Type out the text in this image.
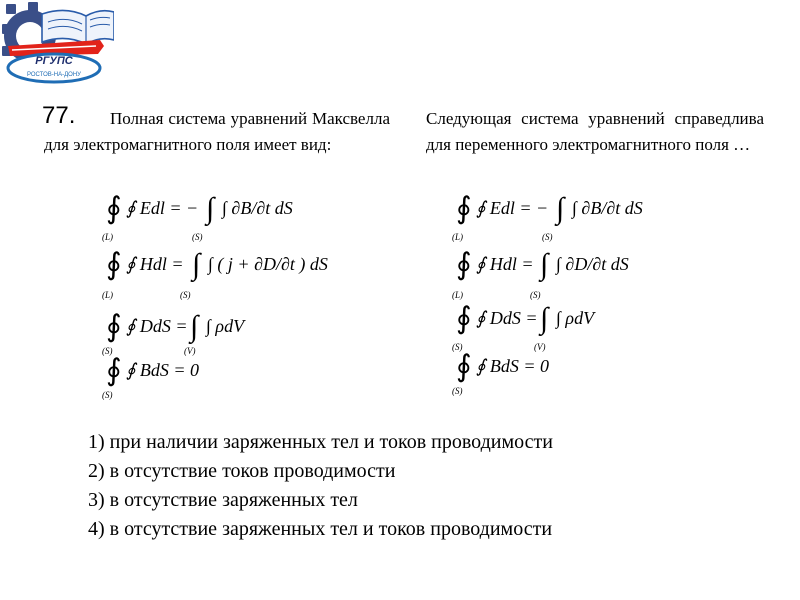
РГУПС
РОСТОВ-НА-ДОНУ
77.	Полная система уравнений Максвелла для электромагнитного поля имеет вид:
Следующая система уравнений справедлива для переменного электромагнитного поля …
∮ ∮ Edl = − ∫ ∫ ∂B/∂t dS
(L)	(S)
∮ ∮ Hdl = ∫ ∫ ( j + ∂D/∂t ) dS
(L)	(S)
∮ ∮ DdS = ∫ ∫ ρdV
(S)	(V)
∮ ∮ BdS = 0
(S)
∮ ∮ Edl = − ∫ ∫ ∂B/∂t dS
(L)	(S)
∮ ∮ Hdl = ∫ ∫ ∂D/∂t dS
(L)	(S)
∮ ∮ DdS = ∫ ∫ ρdV
(S)	(V)
∮ ∮ BdS = 0
(S)
1) при наличии заряженных тел и токов проводимости
2) в отсутствие токов проводимости
3) в отсутствие заряженных тел
4) в отсутствие заряженных тел и токов проводимости
